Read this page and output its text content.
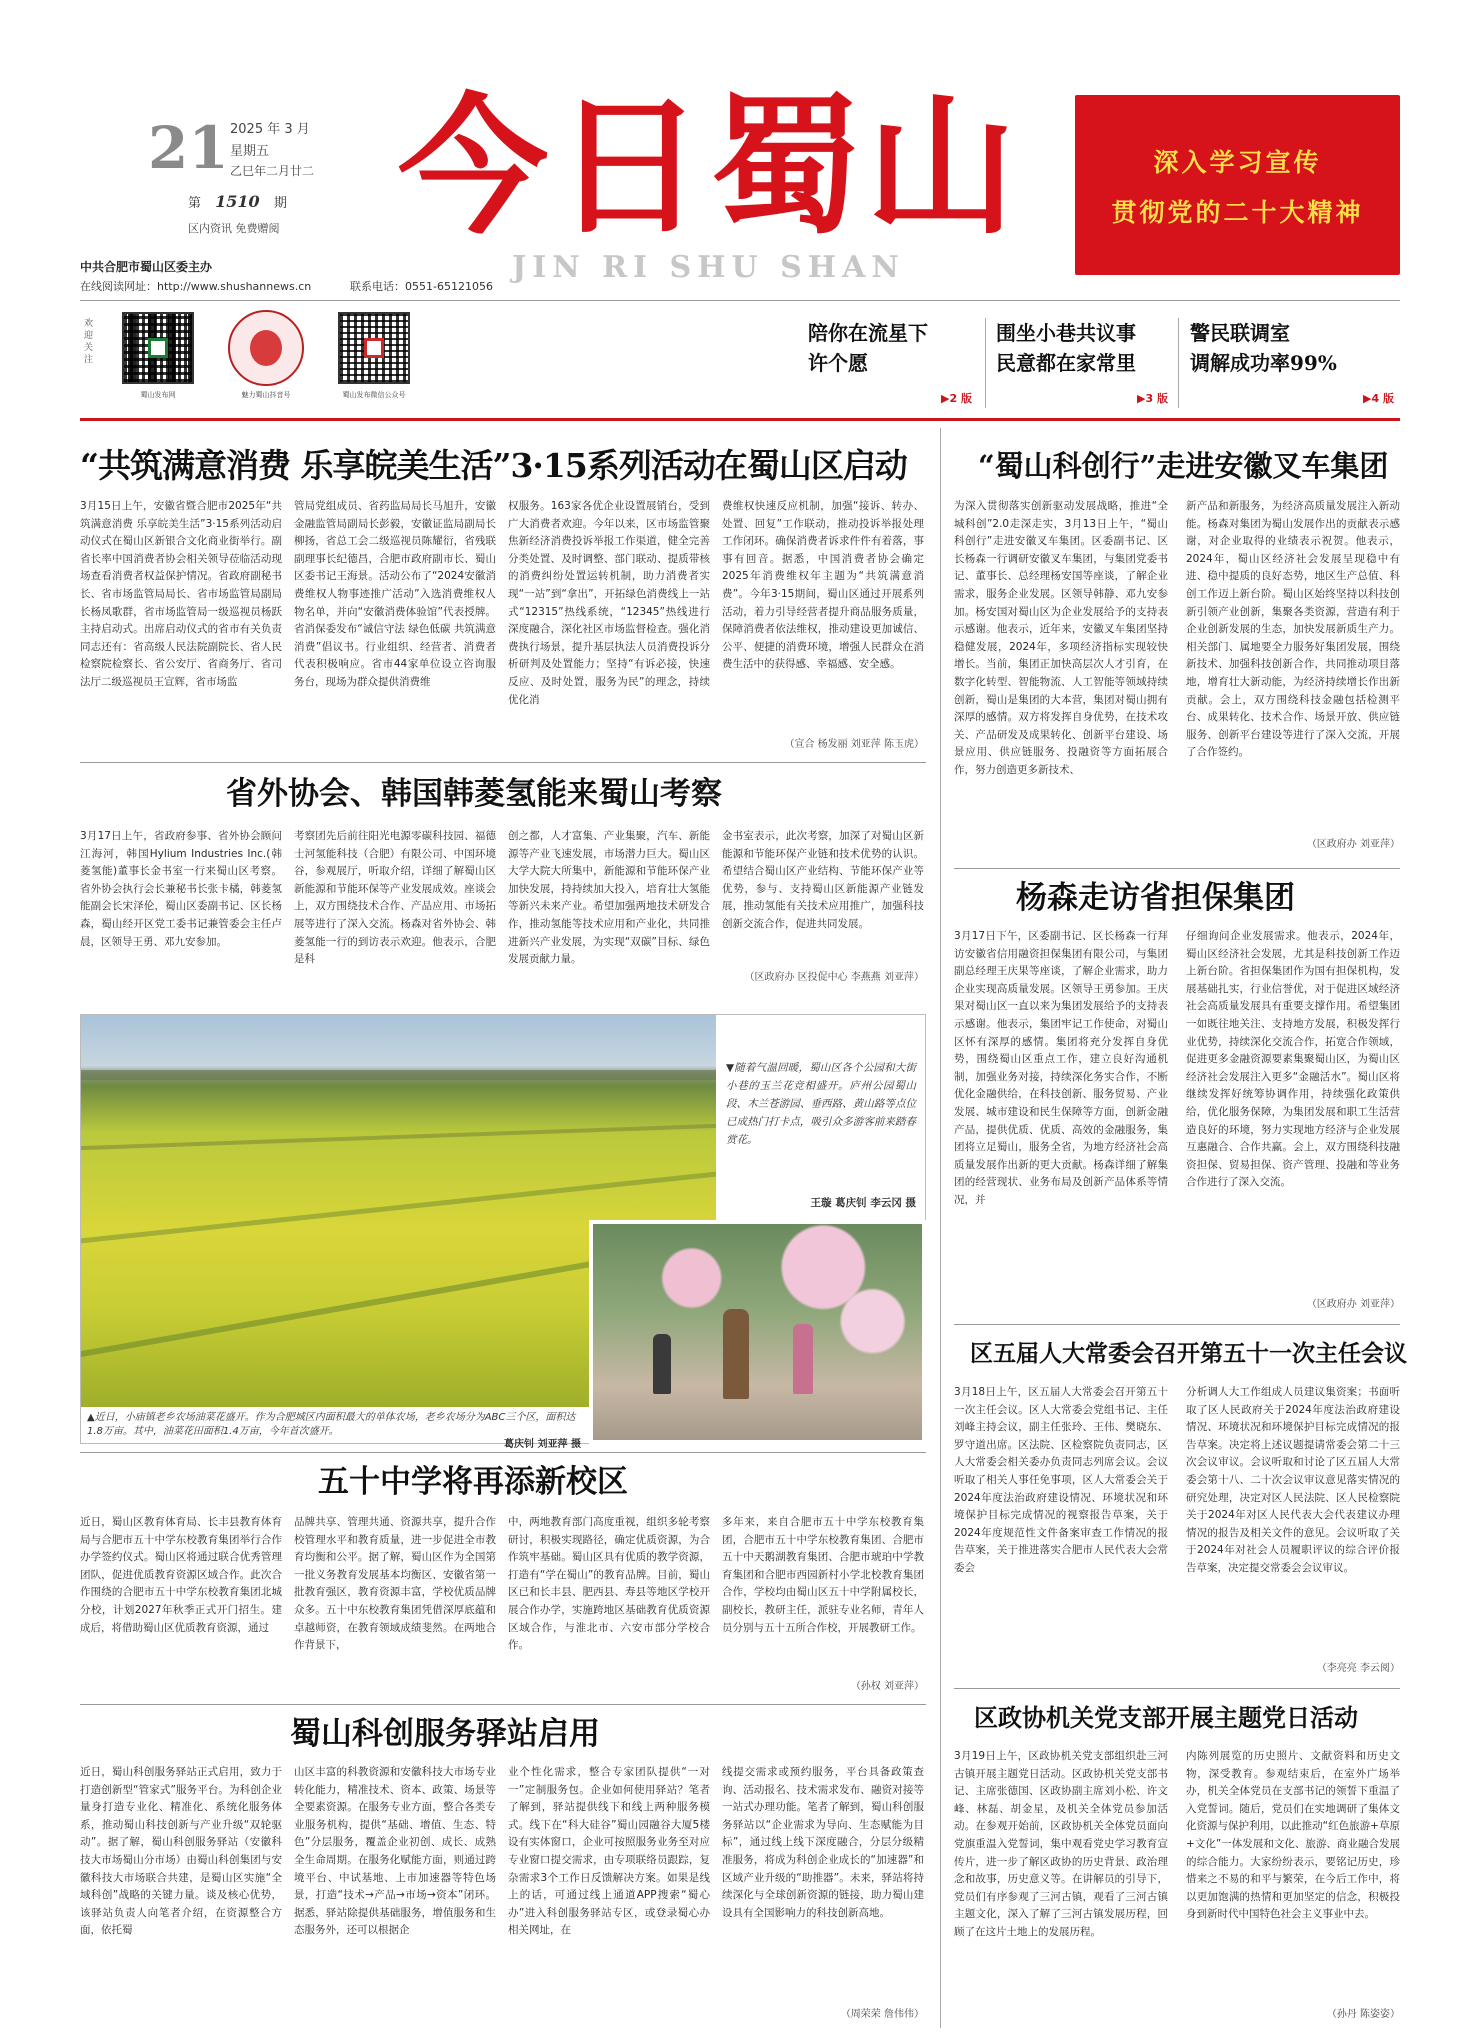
21 2025 年 3 月
星期五
乙巳年二月廿二
第 1510 期
区内资讯 免费赠阅 今日蜀山
JIN RI SHU SHAN
深入学习宣传
贯彻党的二十大精神
中共合肥市蜀山区委主办
在线阅读网址：http://www.shushannews.cn	联系电话：0551-65121056
欢迎关注
蜀山发布网	魅力蜀山抖音号	蜀山发布微信公众号
陪你在流星下
许个愿
▶2 版
围坐小巷共议事
民意都在家常里
▶3 版
警民联调室
调解成功率99%
▶4 版
“共筑满意消费 乐享皖美生活”3·15系列活动在蜀山区启动
3月15日上午，安徽省暨合肥市2025年“共筑满意消费 乐享皖美生活”3·15系列活动启动仪式在蜀山区新银合文化商业街举行。副省长率中国消费者协会相关领导莅临活动现场查看消费者权益保护情况。省政府副秘书长、省市场监管局局长、省市场监管局副局长杨凤歌群，省市场监管局一级巡视员杨跃主持启动式。出席启动仪式的省市有关负责同志还有：省高级人民法院副院长、省人民检察院检察长、省公安厅、省商务厅、省司法厅二级巡视员王宣辉，省市场监
管局党组成员、省药监局局长马旭升，安徽金融监管局副局长彭毅，安徽证监局副局长柳扬，省总工会二级巡视员陈耀衍，省残联副理事长纪德昌，合肥市政府副市长、蜀山区委书记王海景。活动公布了“2024安徽消费维权人物事迹推广活动”入选消费维权人物名单，并向“安徽消费体验馆”代表授牌。省消保委发布“诚信守法 绿色低碳 共筑满意消费”倡议书。行业组织、经营者、消费者代表积极响应。省市44家单位设立咨询服务台，现场为群众提供消费维
权服务。163家各优企业设置展销台，受到广大消费者欢迎。今年以来，区市场监管聚焦新经济消费投诉举报工作渠道，健全完善分类处置、及时调整、部门联动、提质带核的消费纠纷处置运转机制，助力消费者实现“一站”到“拿出”，开拓绿色消费线上一站式“12315”热线系统，“12345”热线进行深度融合，深化社区市场监督检查。强化消费执行场景，提升基层执法人员消费投诉分析研判及处置能力；坚持“有诉必接，快速反应、及时处置，服务为民”的理念，持续优化消
费维权快速反应机制，加强“接诉、转办、处置、回复”工作联动，推动投诉举报处理工作闭环。确保消费者诉求件件有着落，事事有回音。据悉，中国消费者协会确定2025年消费维权年主题为“共筑满意消费”。今年3·15期间，蜀山区通过开展系列活动，着力引导经营者提升商品服务质量，保障消费者依法维权，推动建设更加诚信、公平、便捷的消费环境，增强人民群众在消费生活中的获得感、幸福感、安全感。
（宣合 杨发丽 刘亚萍 陈玉虎）
省外协会、韩国韩菱氢能来蜀山考察
3月17日上午，省政府参事、省外协会顾问江海河，韩国Hylium Industries Inc.(韩菱氢能)董事长金书室一行来蜀山区考察。省外协会执行会长兼秘书长张卡橘，韩菱氢能副会长宋泽伦，蜀山区委副书记、区长杨森，蜀山经开区党工委书记兼管委会主任卢晨，区领导王勇、邓九安参加。
考察团先后前往阳光电源零碳科技园、福德士河氢能科技（合肥）有限公司、中国环境谷，参观展厅，听取介绍，详细了解蜀山区新能源和节能环保等产业发展成效。座谈会上，双方围绕技术合作、产品应用、市场拓展等进行了深入交流。杨森对省外协会、韩菱氢能一行的到访表示欢迎。他表示，合肥是科
创之都，人才富集、产业集聚，汽车、新能源等产业飞速发展，市场潜力巨大。蜀山区大学大院大所集中，新能源和节能环保产业加快发展，持持续加大投入，培育壮大氢能等新兴未来产业。希望加强两地技术研发合作，推动氢能等技术应用和产业化，共同推进新兴产业发展，为实现“双碳”目标、绿色发展贡献力量。
金书室表示，此次考察，加深了对蜀山区新能源和节能环保产业链和技术优势的认识。希望结合蜀山区产业结构、节能环保产业等优势，参与、支持蜀山区新能源产业链发展，推动氢能有关技术应用推广，加强科技创新交流合作，促进共同发展。
（区政府办 区投促中心 李燕燕 刘亚萍）
▼随着气温回暖，蜀山区各个公园和大街小巷的玉兰花竞相盛开。庐州公园蜀山段、木兰苍游园、垂西路、黄山路等点位已成热门打卡点，吸引众多游客前来踏春赏花。
王璇 葛庆钊 李云冈 摄
▲近日，小庙镇老乡农场油菜花盛开。作为合肥城区内面积最大的单体农场，老乡农场分为ABC三个区，面积达1.8万亩。其中，油菜花田面积1.4万亩，今年首次盛开。
葛庆钊 刘亚萍 摄
五十中学将再添新校区
近日，蜀山区教育体育局、长丰县教育体育局与合肥市五十中学东校教育集团举行合作办学签约仪式。蜀山区将通过联合优秀管理团队，促进优质教育资源区域合作。此次合作围绕的合肥市五十中学东校教育集团北城分校，计划2027年秋季正式开门招生。建成后，将借助蜀山区优质教育资源，通过
品牌共享、管理共通、资源共享，提升合作校管理水平和教育质量，进一步促进全市教育均衡和公平。据了解，蜀山区作为全国第一批义务教育发展基本均衡区、安徽省第一批教育强区，教育资源丰富，学校优质品牌众多。五十中东校教育集团凭借深厚底蕴和卓越师资，在教育领域成绩斐然。在两地合作背景下，
中，两地教育部门高度重视，组织多轮考察研讨，积极实现路径，确定优质资源，为合作筑牢基础。蜀山区具有优质的教学资源，打造有“学在蜀山”的教育品牌。目前，蜀山区已和长丰县、肥西县、寿县等地区学校开展合作办学，实施跨地区基础教育优质资源区域合作，与淮北市、六安市部分学校合作。
多年来，来自合肥市五十中学东校教育集团，合肥市五十中学东校教育集团、合肥市五十中天鹅湖教育集团、合肥市琥珀中学教育集团和合肥市西园新村小学北校教育集团合作，学校均由蜀山区五十中学附属校长，副校长，教研主任，派驻专业名师，青年人员分别与五十五所合作校，开展教研工作。
（孙权 刘亚萍）
蜀山科创服务驿站启用
近日，蜀山科创服务驿站正式启用，致力于打造创新型“管家式”服务平台。为科创企业量身打造专业化、精准化、系统化服务体系，推动蜀山科技创新与产业升级“双轮驱动”。据了解，蜀山科创服务驿站（安徽科技大市场蜀山分市场）由蜀山科创集团与安徽科技大市场联合共建，是蜀山区实施“全域科创”战略的关键力量。谈及核心优势，该驿站负责人向笔者介绍，在资源整合方面，依托蜀
山区丰富的科教资源和安徽科技大市场专业转化能力，精准技术、资本、政策、场景等全要素资源。在服务专业方面，整合各类专业服务机构，提供“基础、增值、生态、特色”分层服务，覆盖企业初创、成长、成熟全生命周期。在服务化赋能方面，则通过跨境平台、中试基地、上市加速器等特色场景，打造“技术→产品→市场→资本”闭环。据悉，驿站除提供基础服务，增值服务和生态服务外，还可以根据企
业个性化需求，整合专家团队提供“一对一”定制服务包。企业如何使用驿站？笔者了解到，驿站提供线下和线上两种服务模式。线下在“科大硅谷”蜀山园融谷大厦5楼设有实体窗口，企业可按照服务业务至对应专业窗口提交需求，由专项联络员跟踪，复杂需求3个工作日反馈解决方案。如果是线上的话，可通过线上通道APP搜索“蜀心办”进入科创服务驿站专区，或登录蜀心办相关网址，在
线提交需求或预约服务，平台具备政策查询、活动报名、技术需求发布、融资对接等一站式办理功能。笔者了解到，蜀山科创服务驿站以“企业需求为导向、生态赋能为目标”，通过线上线下深度融合，分层分级精准服务，将成为科创企业成长的“加速器”和区域产业升级的“助推器”。未来，驿站将持续深化与全球创新资源的链接，助力蜀山建设具有全国影响力的科技创新高地。
（周荣荣 詹伟伟）
“蜀山科创行”走进安徽叉车集团
为深入贯彻落实创新驱动发展战略，推进“全城科创”2.0走深走实，3月13日上午，“蜀山科创行”走进安徽叉车集团。区委副书记、区长杨森一行调研安徽叉车集团，与集团党委书记、董事长、总经理杨安国等座谈，了解企业需求，服务企业发展。区领导韩静、邓九安参加。杨安国对蜀山区为企业发展给予的支持表示感谢。他表示，近年来，安徽叉车集团坚持稳健发展，2024年，多项经济指标实现较快增长。当前，集团正加快高层次人才引育，在数字化转型、智能物流、人工智能等领域持续创新，蜀山是集团的大本营，集团对蜀山拥有深厚的感情。双方将发挥自身优势，在技术攻关、产品研发及成果转化、创新平台建设、场景应用、供应链服务、投融资等方面拓展合作，努力创造更多新技术、
新产品和新服务，为经济高质量发展注入新动能。杨森对集团为蜀山发展作出的贡献表示感谢，对企业取得的业绩表示祝贺。他表示，2024年，蜀山区经济社会发展呈现稳中有进、稳中提质的良好态势，地区生产总值、科创工作迈上新台阶。蜀山区始终坚持以科技创新引领产业创新，集聚各类资源，营造有利于企业创新发展的生态，加快发展新质生产力。相关部门、属地要全力服务好集团发展，围绕新技术、加强科技创新合作，共同推动项目落地，增育壮大新动能，为经济持续增长作出新贡献。会上，双方围绕科技金融包括检测平台、成果转化、技术合作、场景开放、供应链服务、创新平台建设等进行了深入交流，开展了合作签约。
（区政府办 刘亚萍）
杨森走访省担保集团
3月17日下午，区委副书记、区长杨森一行拜访安徽省信用融资担保集团有限公司，与集团副总经理王庆果等座谈，了解企业需求，助力企业实现高质量发展。区领导王勇参加。王庆果对蜀山区一直以来为集团发展给予的支持表示感谢。他表示，集团牢记工作使命，对蜀山区怀有深厚的感情。集团将充分发挥自身优势，围绕蜀山区重点工作，建立良好沟通机制，加强业务对接，持续深化务实合作，不断优化金融供给，在科技创新、服务贸易、产业发展、城市建设和民生保障等方面，创新金融产品，提供优质、优质、高效的金融服务，集团将立足蜀山，服务全省，为地方经济社会高质量发展作出新的更大贡献。杨森详细了解集团的经营现状、业务布局及创新产品体系等情况，并
仔细询问企业发展需求。他表示，2024年，蜀山区经济社会发展，尤其是科技创新工作迈上新台阶。省担保集团作为国有担保机构，发展基础扎实，行业信誉优，对于促进区域经济社会高质量发展具有重要支撑作用。希望集团一如既往地关注、支持地方发展，积极发挥行业优势，持续深化交流合作，拓宽合作领域，促进更多金融资源要素集聚蜀山区，为蜀山区经济社会发展注入更多“金融活水”。蜀山区将继续发挥好统筹协调作用，持续强化政策供给，优化服务保障，为集团发展和职工生活营造良好的环境，努力实现地方经济与企业发展互惠融合、合作共赢。会上，双方围绕科技融资担保、贸易担保、资产管理、投融和等业务合作进行了深入交流。
（区政府办 刘亚萍）
区五届人大常委会召开第五十一次主任会议
3月18日上午，区五届人大常委会召开第五十一次主任会议。区人大常委会党组书记、主任刘峰主持会议，副主任张玲、王伟、樊晓东、罗守道出席。区法院、区检察院负责同志，区人大常委会相关委办负责同志列席会议。会议听取了相关人事任免事项，区人大常委会关于2024年度法治政府建设情况、环境状况和环境保护目标完成情况的视察报告草案，关于2024年度规范性文件备案审查工作情况的报告草案，关于推进落实合肥市人民代表大会常委会
分析调人大工作组成人员建议集资案；书面听取了区人民政府关于2024年度法治政府建设情况、环境状况和环境保护目标完成情况的报告草案。决定将上述议题提请常委会第二十三次会议审议。会议听取和讨论了区五届人大常委会第十八、二十次会议审议意见落实情况的研究处理，决定对区人民法院、区人民检察院关于2024年对区人民代表大会代表建议办理情况的报告及相关文件的意见。会议听取了关于2024年对社会人员履职评议的综合评价报告草案，决定提交常委会会议审议。
（李亮亮 李云阅）
区政协机关党支部开展主题党日活动
3月19日上午，区政协机关党支部组织赴三河古镇开展主题党日活动。区政协机关党支部书记、主席张德国、区政协副主席刘小松、许文峰、林磊、胡金星，及机关全体党员参加活动。在参观开始前，区政协机关全体党员面向党旗重温入党誓词，集中观看党史学习教育宣传片，进一步了解区政协的历史背景、政治理念和故事，历史意义等。在讲解员的引导下，党员们有序参观了三河古镇，观看了三河古镇主题文化，深入了解了三河古镇发展历程，回顾了在这片土地上的发展历程。
内陈列展览的历史照片、文献资料和历史文物，深受教育。参观结束后，在室外广场举办，机关全体党员在支部书记的领誓下重温了入党誓词。随后，党员们在实地调研了集体文化资源与保护利用，以此推动“红色旅游+草原+文化”一体发展和文化、旅游、商业融合发展的综合能力。大家纷纷表示，要铭记历史，珍惜来之不易的和平与繁荣，在今后工作中，将以更加饱满的热情和更加坚定的信念，积极投身到新时代中国特色社会主义事业中去。
（孙丹 陈姿姿）
